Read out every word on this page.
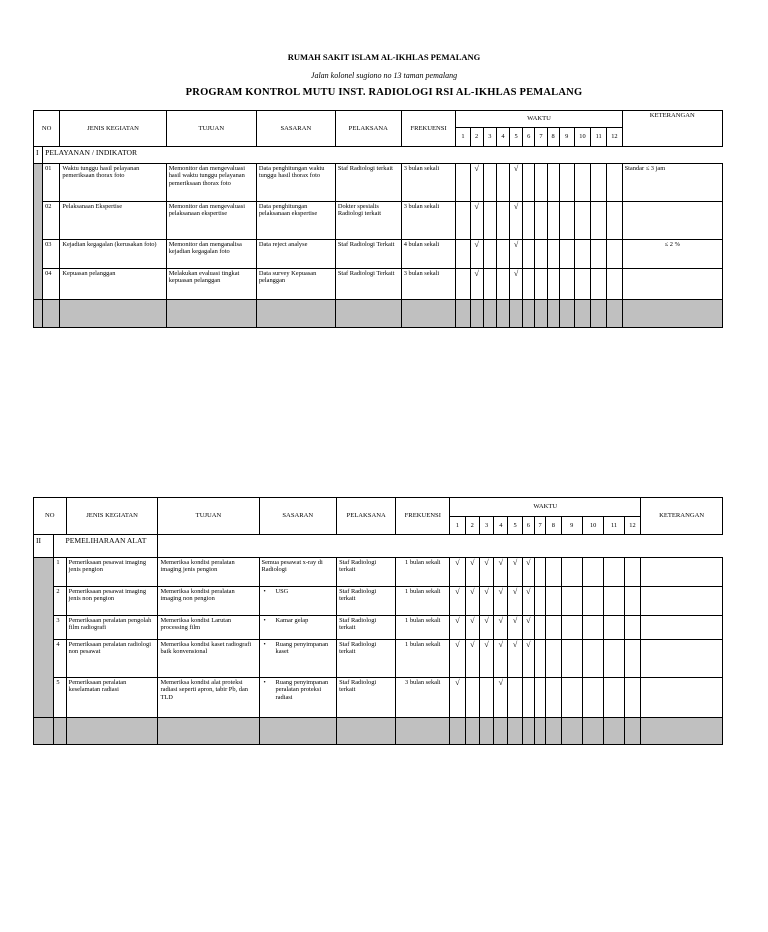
RUMAH SAKIT ISLAM AL-IKHLAS PEMALANG
Jalan kolonel sugiono no 13 taman pemalang
PROGRAM KONTROL MUTU INST. RADIOLOGI RSI AL-IKHLAS PEMALANG
NO		JENIS KEGIATAN	TUJUAN	SASARAN	PELAKSANA	FREKUENSI	WAKTU												KETERANGAN
							1	2	3	4	5	6	7	8	9	10	11	12	
I	PELAYANAN / INDIKATOR																		
	01	Waktu tunggu hasil pelayanan pemeriksaan thorax foto	Memonitor dan mengevaluasi hasil waktu tunggu pelayanan pemeriksaan thorax foto	Data penghitungan waktu tunggu hasil thorax foto	Staf Radiologi terkait	3 bulan sekali		√			√								Standar ≤ 3 jam
	02	Pelaksanaan Ekspertise	Memonitor dan mengevaluasi pelaksanaan ekspertise	Data penghitungan pelaksanaan ekspertise	Dokter spesialis Radiologi terkait	3 bulan sekali		√			√								
	03	Kejadian kegagalan (kerusakan foto)	Memonitor dan menganalisa kejadian kegagalan foto	Data reject analyse	Staf Radiologi Terkait	4 bulan sekali		√			√								≤ 2 %
	04	Kepuasan pelanggan	Melakukan evaluasi tingkat kepuasan pelanggan	Data survey Kepuasan pelanggan	Staf Radiologi Terkait	3 bulan sekali		√			√								

NO		JENIS KEGIATAN	TUJUAN	SASARAN	PELAKSANA	FREKUENSI	WAKTU												KETERANGAN
							1	2	3	4	5	6	7	8	9	10	11	12	
II	PEMELIHARAAN ALAT																		
	1	Pemeriksaan pesawat imaging jenis pengion	Memeriksa kondisi peralatan imaging jenis pengion	Semua pesawat x-ray di Radiologi	Staf Radiologi terkait	1 bulan sekali	√	√	√	√	√	√							
	2	Pemeriksaan pesawat imaging jenis non pengion	Memeriksa kondisi peralatan imaging non pengion	• USG	Staf Radiologi terkait	1 bulan sekali	√	√	√	√	√	√							
	3	Pemeriksaan peralatan pengolah film radiografi	Memeriksa kondisi Larutan processing film	• Kamar gelap	Staf Radiologi terkait	1 bulan sekali	√	√	√	√	√	√							
	4	Pemeriksaan peralatan radiologi non pesawat	Memeriksa kondisi kaset radiografi baik konvensional	• Ruang penyimpanan kaset	Staf Radiologi terkait	1 bulan sekali	√	√	√	√	√	√							
	5	Pemeriksaan peralatan keselamatan radiasi	Memeriksa kondisi alat proteksi radiasi seperti apron, tabir Pb, dan TLD	• Ruang penyimpanan peralatan proteksi radiasi	Staf Radiologi terkait	3 bulan sekali	√			√									
